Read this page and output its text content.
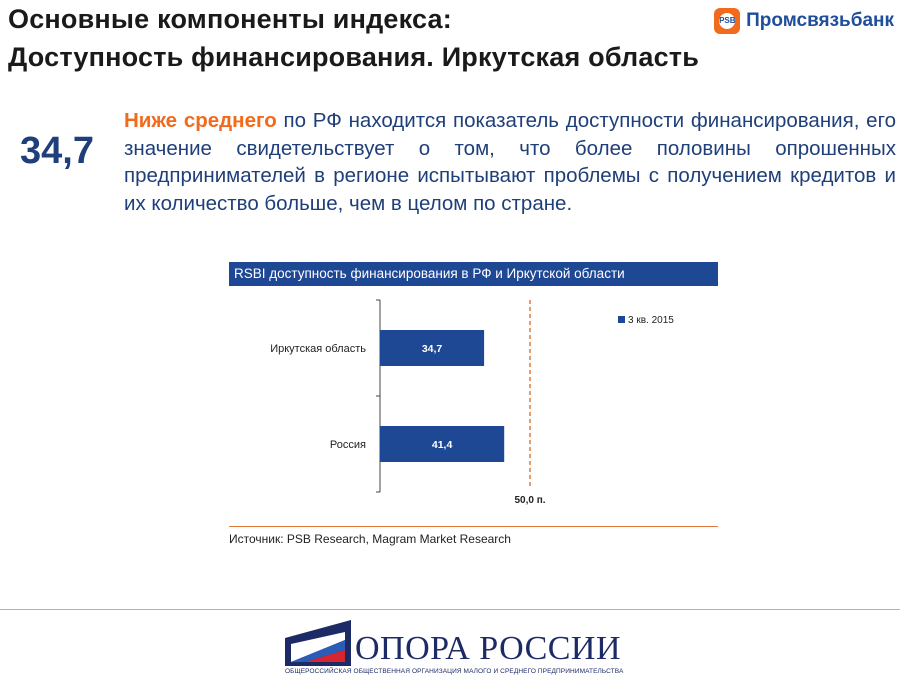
Основные компоненты индекса:
Доступность финансирования. Иркутская область
PSB Промсвязьбанк
34,7
Ниже среднего по РФ находится показатель доступности финансирования, его значение свидетельствует о том, что более половины опрошенных предпринимателей в регионе испытывают проблемы с получением кредитов и их количество больше, чем в целом по стране.
RSBI доступность финансирования в РФ и Иркутской области
50,0 п.
Иркутская область	34,7
Россия	41,4
3 кв. 2015
Источник: PSB Research, Magram Market Research
ОПОРА РОССИИ
ОБЩЕРОССИЙСКАЯ ОБЩЕСТВЕННАЯ ОРГАНИЗАЦИЯ МАЛОГО И СРЕДНЕГО ПРЕДПРИНИМАТЕЛЬСТВА
